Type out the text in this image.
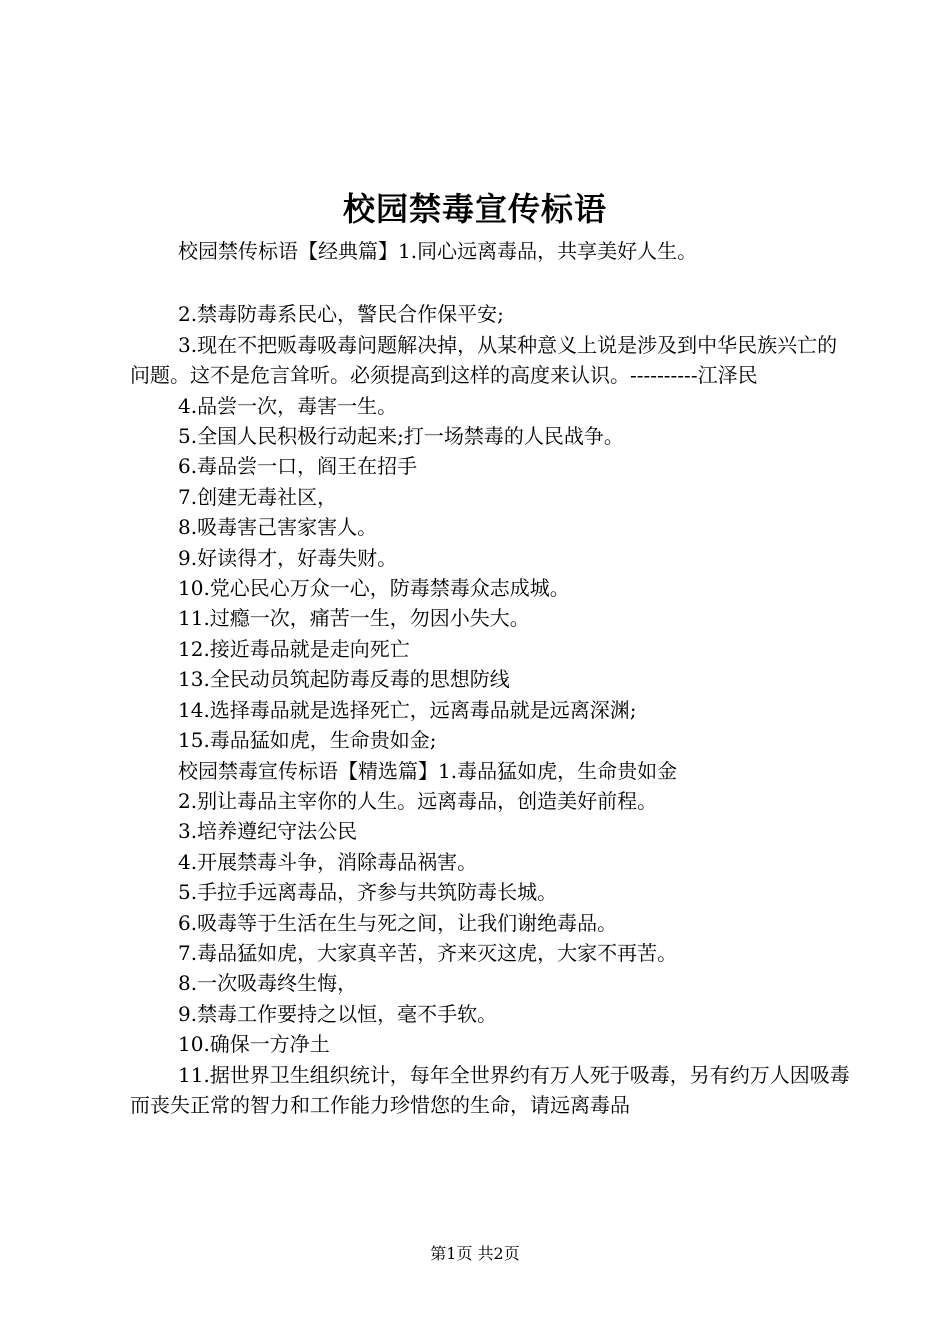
校园禁毒宣传标语

校园禁传标语【经典篇】1.同心远离毒品，共享美好人生。

2.禁毒防毒系民心，警民合作保平安;

3.现在不把贩毒吸毒问题解决掉，从某种意义上说是涉及到中华民族兴亡的问题。这不是危言耸听。必须提高到这样的高度来认识。----------江泽民

4.品尝一次，毒害一生。

5.全国人民积极行动起来;打一场禁毒的人民战争。

6.毒品尝一口，阎王在招手

7.创建无毒社区，

8.吸毒害己害家害人。

9.好读得才，好毒失财。

10.党心民心万众一心，防毒禁毒众志成城。

11.过瘾一次，痛苦一生，勿因小失大。

12.接近毒品就是走向死亡

13.全民动员筑起防毒反毒的思想防线

14.选择毒品就是选择死亡，远离毒品就是远离深渊;

15.毒品猛如虎，生命贵如金;

校园禁毒宣传标语【精选篇】1.毒品猛如虎，生命贵如金

2.别让毒品主宰你的人生。远离毒品，创造美好前程。

3.培养遵纪守法公民

4.开展禁毒斗争，消除毒品祸害。

5.手拉手远离毒品，齐参与共筑防毒长城。

6.吸毒等于生活在生与死之间，让我们谢绝毒品。

7.毒品猛如虎，大家真辛苦，齐来灭这虎，大家不再苦。

8.一次吸毒终生悔，

9.禁毒工作要持之以恒，毫不手软。

10.确保一方净土

11.据世界卫生组织统计，每年全世界约有万人死于吸毒，另有约万人因吸毒而丧失正常的智力和工作能力珍惜您的生命，请远离毒品

第1页 共2页
